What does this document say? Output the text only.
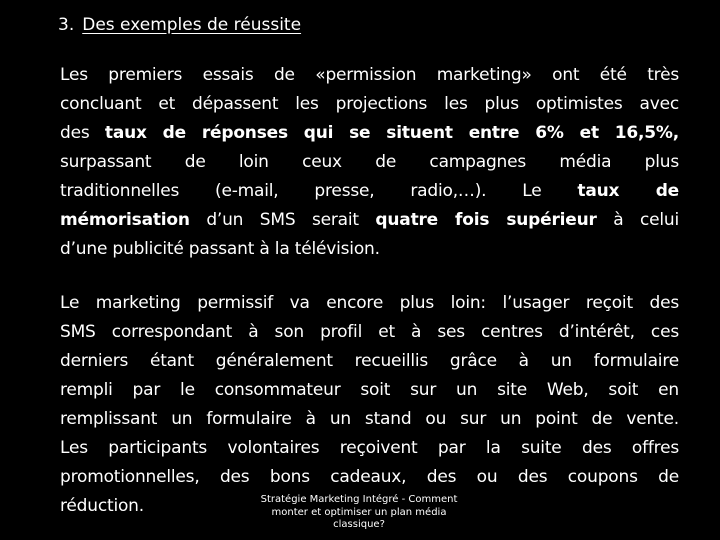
3. Des exemples de réussite
Les premiers essais de «permission marketing» ont été très
concluant et dépassent les projections les plus optimistes avec
des taux de réponses qui se situent entre 6% et 16,5%,
surpassant de loin ceux de campagnes média plus
traditionnelles (e-mail, presse, radio,…). Le taux de
mémorisation d’un SMS serait quatre fois supérieur à celui
d’une publicité passant à la télévision.
Le marketing permissif va encore plus loin: l’usager reçoit des
SMS correspondant à son profil et à ses centres d’intérêt, ces
derniers étant généralement recueillis grâce à un formulaire
rempli par le consommateur soit sur un site Web, soit en
remplissant un formulaire à un stand ou sur un point de vente.
Les participants volontaires reçoivent par la suite des offres
promotionnelles, des bons cadeaux, des ou des coupons de
réduction.	Stratégie Marketing Intégré - Comment
monter et optimiser un plan média
classique?
